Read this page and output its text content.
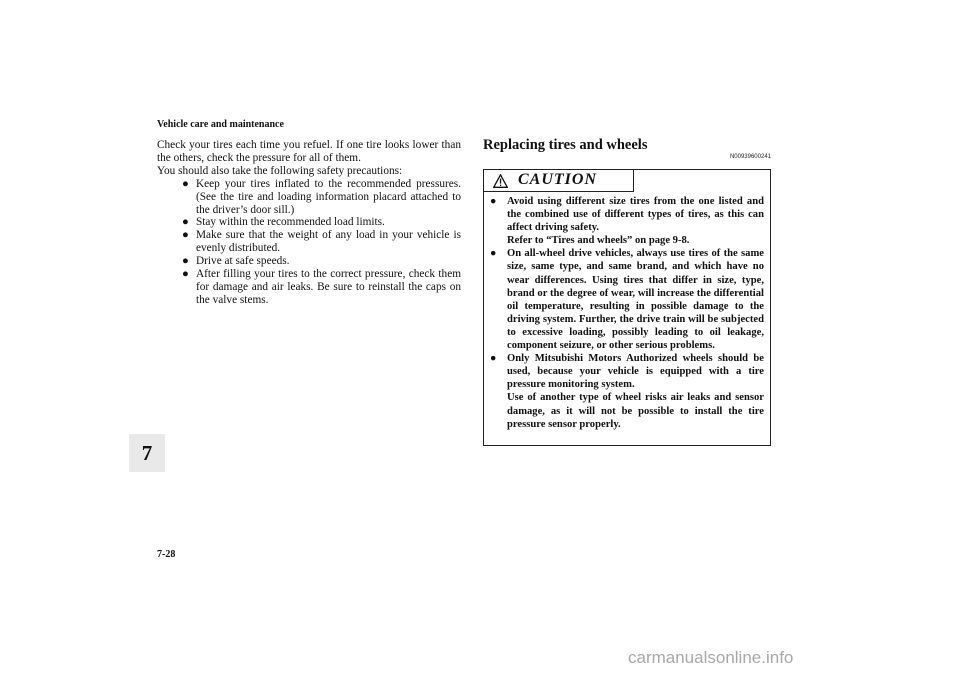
Vehicle care and maintenance
7

Check your tires each time you refuel. If one tire looks lower than the others, check the pressure for all of them.

You should also take the following safety precautions:

● Keep your tires inflated to the recommended pressures. (See the tire and loading information placard attached to the driver’s door sill.)
● Stay within the recommended load limits.
● Make sure that the weight of any load in your vehicle is evenly distributed.
● Drive at safe speeds.
● After filling your tires to the correct pressure, check them for damage and air leaks. Be sure to reinstall the caps on the valve stems.
Replacing tires and wheels
N00939600241
CAUTION
● Avoid using different size tires from the one listed and the combined use of different types of tires, as this can affect driving safety.
Refer to “Tires and wheels” on page 9-8.
● On all-wheel drive vehicles, always use tires of the same size, same type, and same brand, and which have no wear differences. Using tires that differ in size, type, brand or the degree of wear, will increase the differential oil temperature, resulting in possible damage to the driving system. Further, the drive train will be subjected to excessive loading, possibly leading to oil leakage, component seizure, or other serious problems.
● Only Mitsubishi Motors Authorized wheels should be used, because your vehicle is equipped with a tire pressure monitoring system.
Use of another type of wheel risks air leaks and sensor damage, as it will not be possible to install the tire pressure sensor properly.
7-28
carmanualsonline.info
